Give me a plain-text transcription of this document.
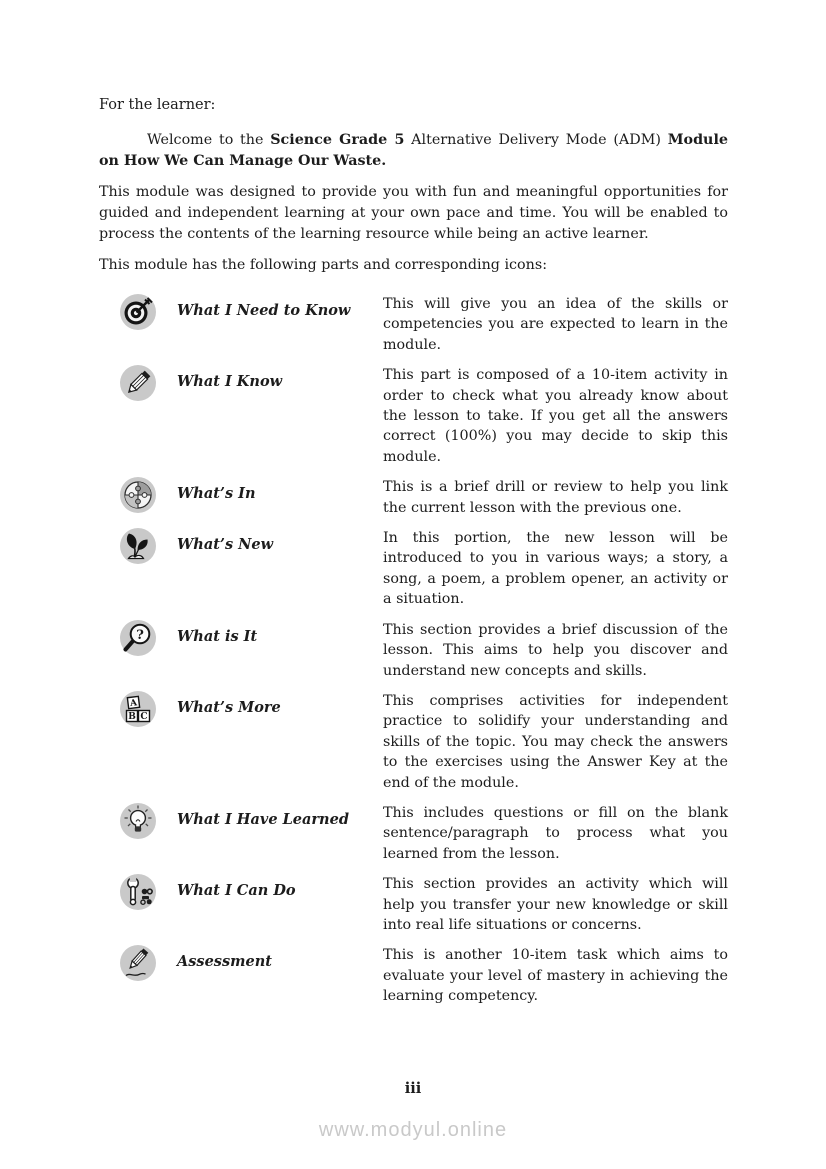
For the learner:

Welcome to the Science Grade 5 Alternative Delivery Mode (ADM) Module on How We Can Manage Our Waste.

This module was designed to provide you with fun and meaningful opportunities for guided and independent learning at your own pace and time. You will be enabled to process the contents of the learning resource while being an active learner.

This module has the following parts and corresponding icons:

What I Need to Know	This will give you an idea of the skills or competencies you are expected to learn in the module.
What I Know	This part is composed of a 10-item activity in order to check what you already know about the lesson to take. If you get all the answers correct (100%) you may decide to skip this module.
What’s In	This is a brief drill or review to help you link the current lesson with the previous one.
What’s New	In this portion, the new lesson will be introduced to you in various ways; a story, a song, a poem, a problem opener, an activity or a situation.
? What is It	This section provides a brief discussion of the lesson. This aims to help you discover and understand new concepts and skills.
A
B C
What’s More	This comprises activities for independent practice to solidify your understanding and skills of the topic. You may check the answers to the exercises using the Answer Key at the end of the module.
What I Have Learned	This includes questions or fill on the blank sentence/paragraph to process what you learned from the lesson.
What I Can Do	This section provides an activity which will help you transfer your new knowledge or skill into real life situations or concerns.
Assessment	This is another 10-item task which aims to evaluate your level of mastery in achieving the learning competency.
iii
www.modyul.online
